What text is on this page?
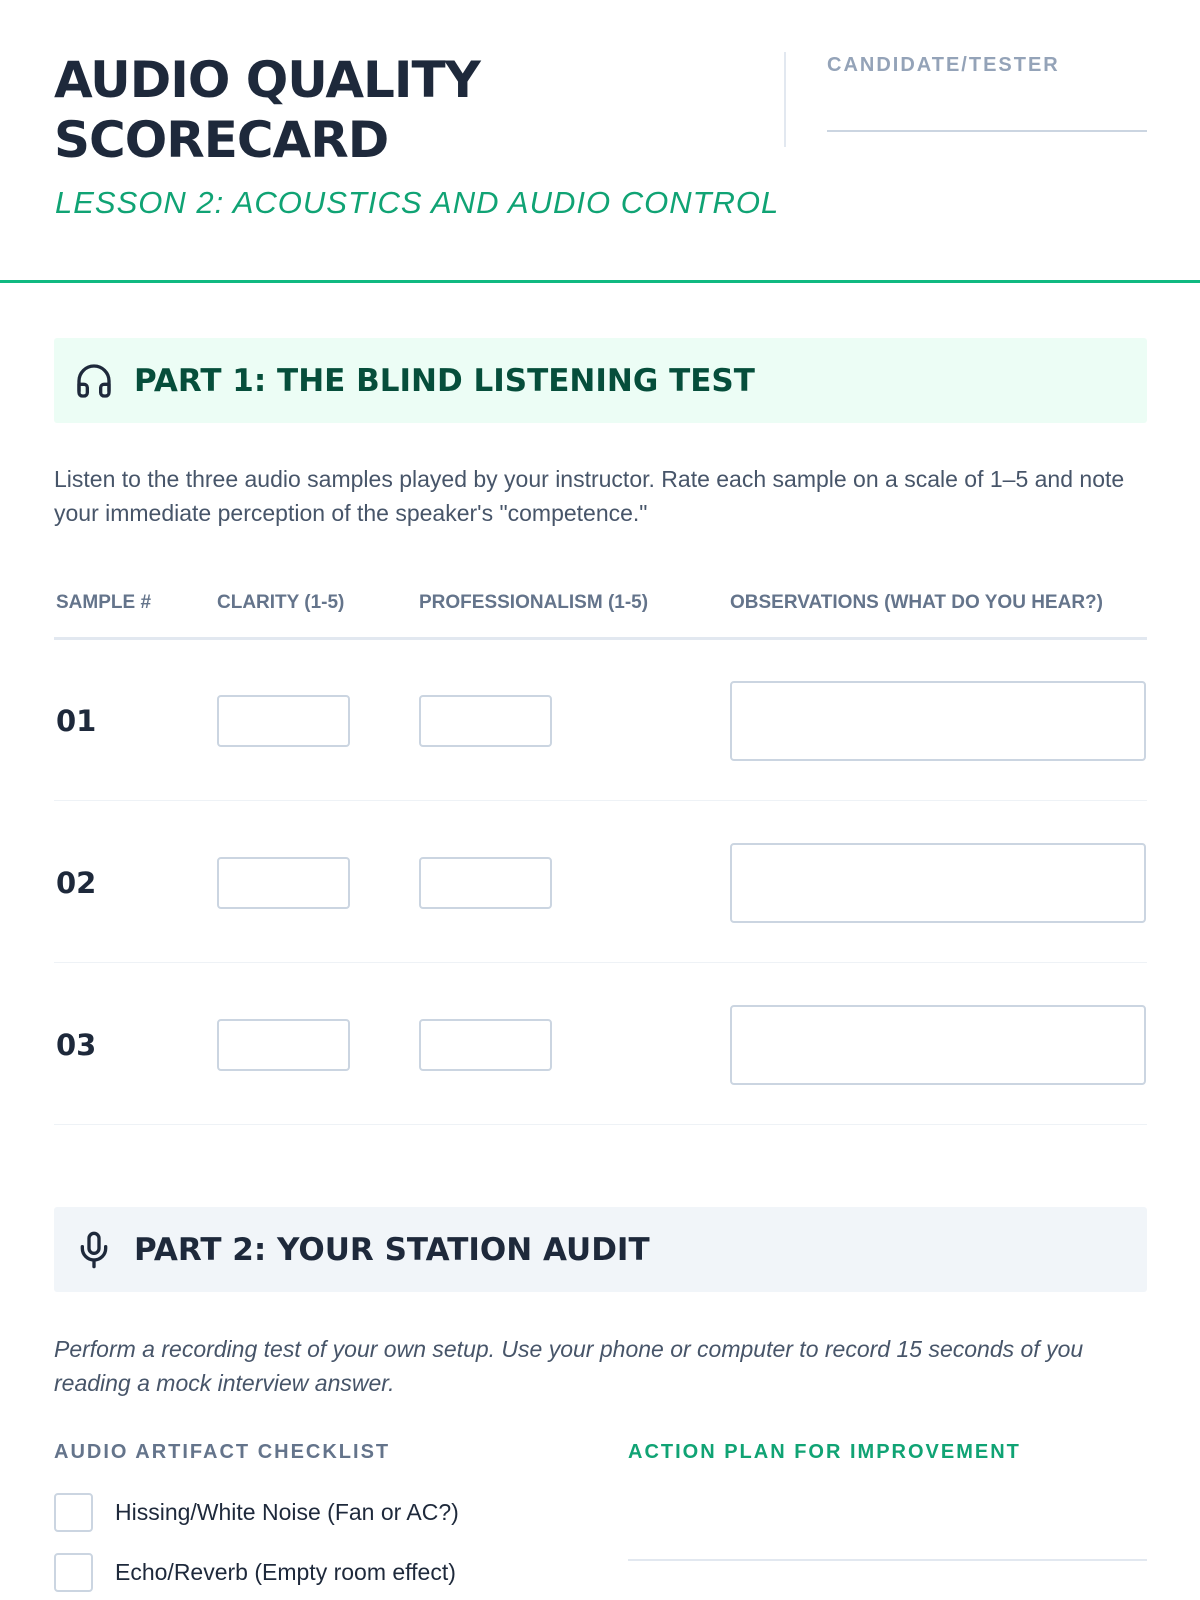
AUDIO QUALITY
SCORECARD
LESSON 2: ACOUSTICS AND AUDIO CONTROL
CANDIDATE/TESTER
PART 1: THE BLIND LISTENING TEST
Listen to the three audio samples played by your instructor. Rate each sample on a scale of 1–5 and note your immediate perception of the speaker's "competence."
SAMPLE #	CLARITY (1-5)	PROFESSIONALISM (1-5)	OBSERVATIONS (WHAT DO YOU HEAR?)
01
02
03
PART 2: YOUR STATION AUDIT
Perform a recording test of your own setup. Use your phone or computer to record 15 seconds of you reading a mock interview answer.
AUDIO ARTIFACT CHECKLIST	ACTION PLAN FOR IMPROVEMENT
Hissing/White Noise (Fan or AC?)
Echo/Reverb (Empty room effect)
